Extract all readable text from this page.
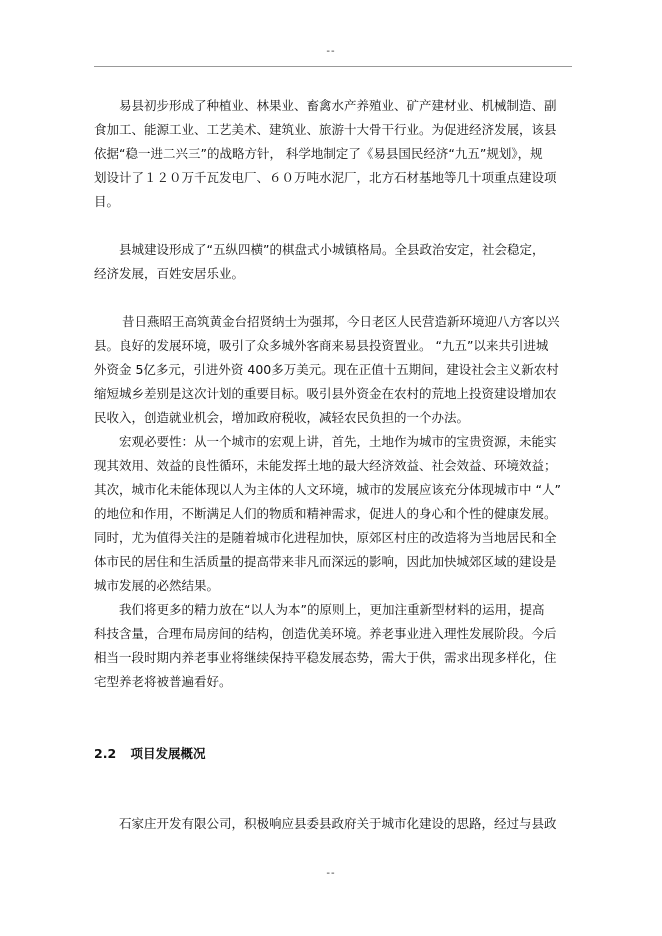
--
易县初步形成了种植业、林果业、畜禽水产养殖业、矿产建材业、机械制造、副
食加工、能源工业、工艺美术、建筑业、旅游十大骨干行业。为促进经济发展，该县
依据“稳一进二兴三”的战略方针， 科学地制定了《易县国民经济“九五”规划》，规
划设计了１２０万千瓦发电厂、６０万吨水泥厂，北方石材基地等几十项重点建设项
目。
县城建设形成了“五纵四横”的棋盘式小城镇格局。全县政治安定，社会稳定，
经济发展，百姓安居乐业。
昔日燕昭王高筑黄金台招贤纳士为强邦，今日老区人民营造新环境迎八方客以兴
县。良好的发展环境，吸引了众多城外客商来易县投资置业。 “九五”以来共引进城
外资金 5亿多元，引进外资 400多万美元。现在正值十五期间，建设社会主义新农村
缩短城乡差别是这次计划的重要目标。吸引县外资金在农村的荒地上投资建设增加农
民收入，创造就业机会，增加政府税收，减轻农民负担的一个办法。
宏观必要性：从一个城市的宏观上讲，首先，土地作为城市的宝贵资源，未能实
现其效用、效益的良性循环，未能发挥土地的最大经济效益、社会效益、环境效益；
其次，城市化未能体现以人为主体的人文环境，城市的发展应该充分体现城市中 “人”
的地位和作用，不断满足人们的物质和精神需求，促进人的身心和个性的健康发展。
同时，尤为值得关注的是随着城市化进程加快，原郊区村庄的改造将为当地居民和全
体市民的居住和生活质量的提高带来非凡而深远的影响，因此加快城郊区域的建设是
城市发展的必然结果。
我们将更多的精力放在“以人为本”的原则上，更加注重新型材料的运用，提高
科技含量，合理布局房间的结构，创造优美环境。养老事业进入理性发展阶段。今后
相当一段时期内养老事业将继续保持平稳发展态势，需大于供，需求出现多样化，住
宅型养老将被普遍看好。
2.2 项目发展概况
石家庄开发有限公司，积极响应县委县政府关于城市化建设的思路，经过与县政
--
